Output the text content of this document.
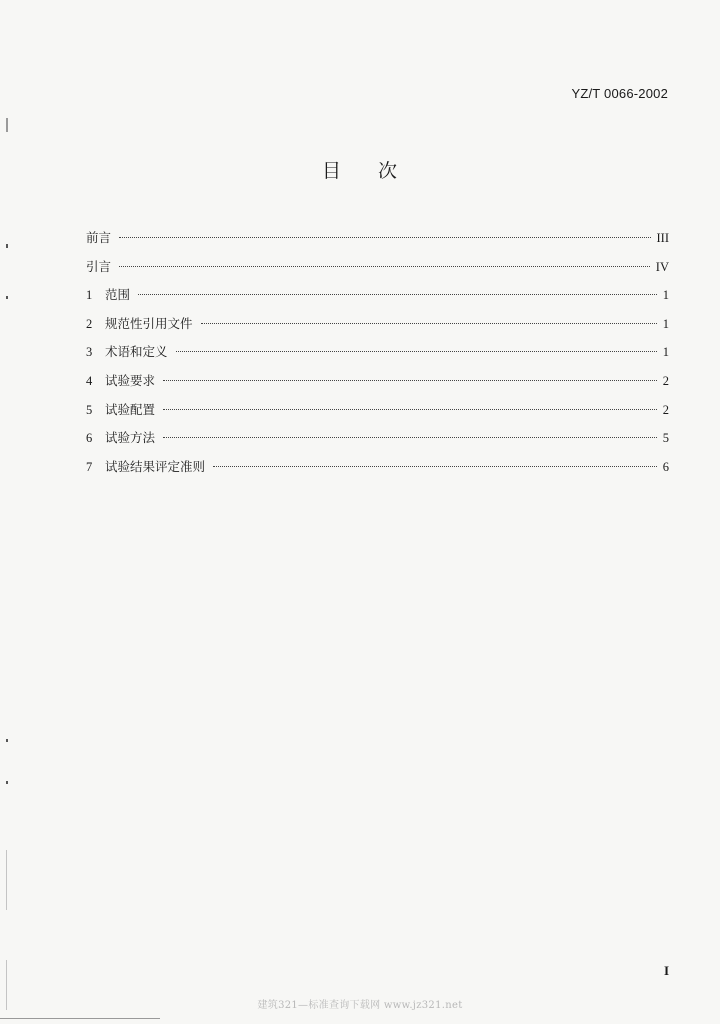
YZ/T 0066-2002
目 次
前言	III
引言	IV
1	范围	1
2	规范性引用文件	1
3	术语和定义	1
4	试验要求	2
5	试验配置	2
6	试验方法	5
7	试验结果评定准则	6
I
建筑321—标准查询下载网 www.jz321.net
